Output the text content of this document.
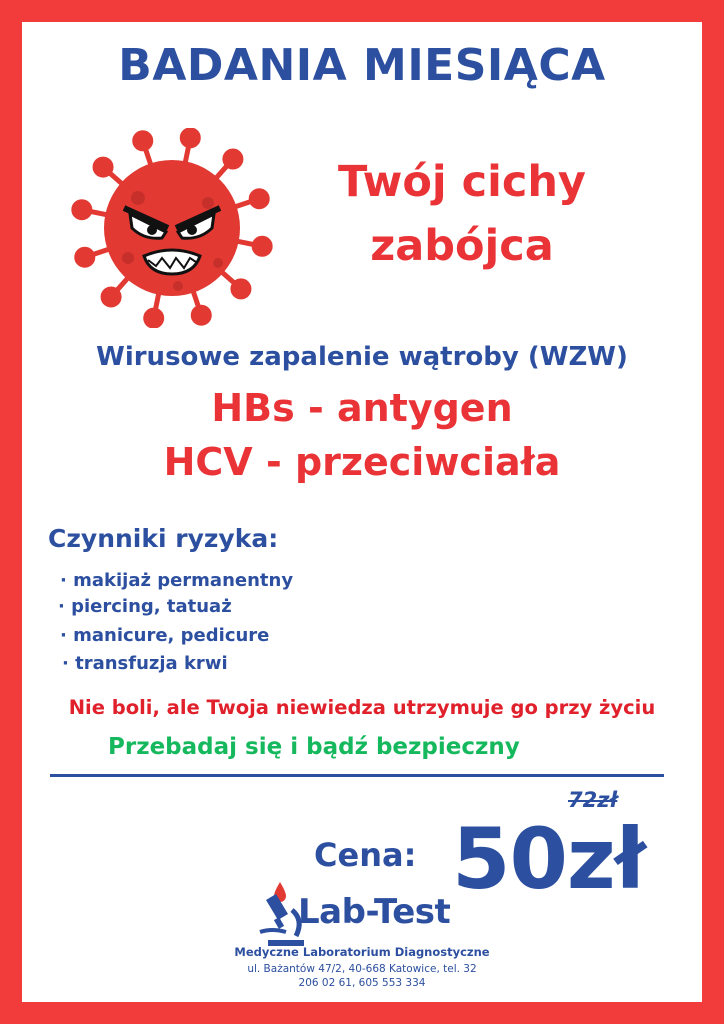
BADANIA MIESIĄCA
Twój cichy
zabójca
Wirusowe zapalenie wątroby (WZW)
HBs - antygen
HCV - przeciwciała
Czynniki ryzyka:
· makijaż permanentny
· piercing, tatuaż
· manicure, pedicure
· transfuzja krwi
Nie boli, ale Twoja niewiedza utrzymuje go przy życiu
Przebadaj się i bądź bezpieczny
72zł
Cena: 50zł
Lab-Test
Medyczne Laboratorium Diagnostyczne
ul. Bażantów 47/2, 40-668 Katowice, tel. 32
206 02 61, 605 553 334
